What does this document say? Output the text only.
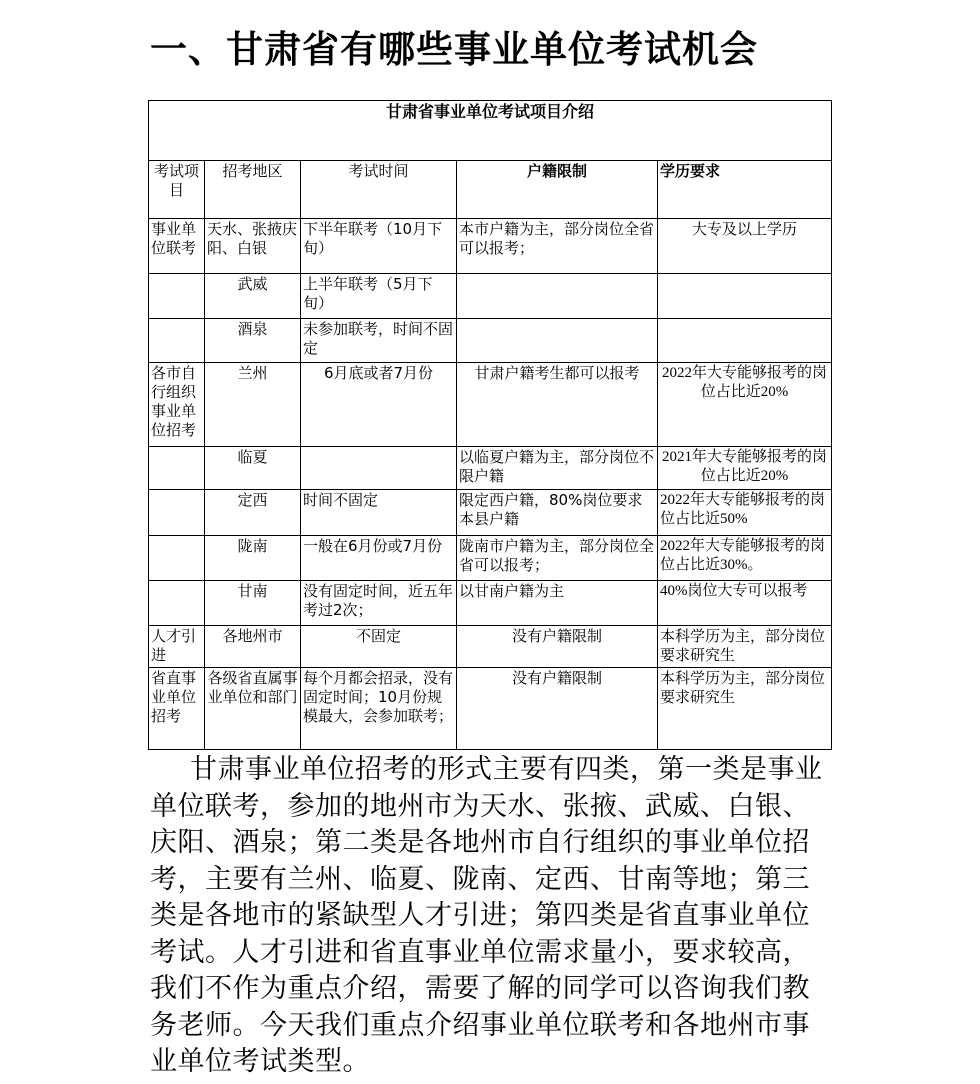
一、甘肃省有哪些事业单位考试机会
甘肃省事业单位考试项目介绍				
考试项目	招考地区	考试时间	户籍限制	学历要求
事业单位联考	天水、张掖庆阳、白银	下半年联考（10月下旬）	本市户籍为主，部分岗位全省可以报考；	大专及以上学历
	武威	上半年联考（5月下旬）		
	酒泉	未参加联考，时间不固定		
各市自行组织事业单位招考	兰州	6月底或者7月份	甘肃户籍考生都可以报考	2022年大专能够报考的岗位占比近20%
	临夏		以临夏户籍为主，部分岗位不限户籍	2021年大专能够报考的岗位占比近20%
	定西	时间不固定	限定西户籍，80%岗位要求本县户籍	2022年大专能够报考的岗位占比近50%
	陇南	一般在6月份或7月份	陇南市户籍为主，部分岗位全省可以报考；	2022年大专能够报考的岗位占比近30%。
	甘南	没有固定时间，近五年考过2次；	以甘南户籍为主	40%岗位大专可以报考
人才引进	各地州市	不固定	没有户籍限制	本科学历为主，部分岗位要求研究生
省直事业单位招考	各级省直属事业单位和部门	每个月都会招录，没有固定时间；10月份规模最大，会参加联考；	没有户籍限制	本科学历为主，部分岗位要求研究生

甘肃事业单位招考的形式主要有四类，第一类是事业单位联考，参加的地州市为天水、张掖、武威、白银、庆阳、酒泉；第二类是各地州市自行组织的事业单位招考，主要有兰州、临夏、陇南、定西、甘南等地；第三类是各地市的紧缺型人才引进；第四类是省直事业单位考试。人才引进和省直事业单位需求量小，要求较高，我们不作为重点介绍，需要了解的同学可以咨询我们教务老师。今天我们重点介绍事业单位联考和各地州市事业单位考试类型。
